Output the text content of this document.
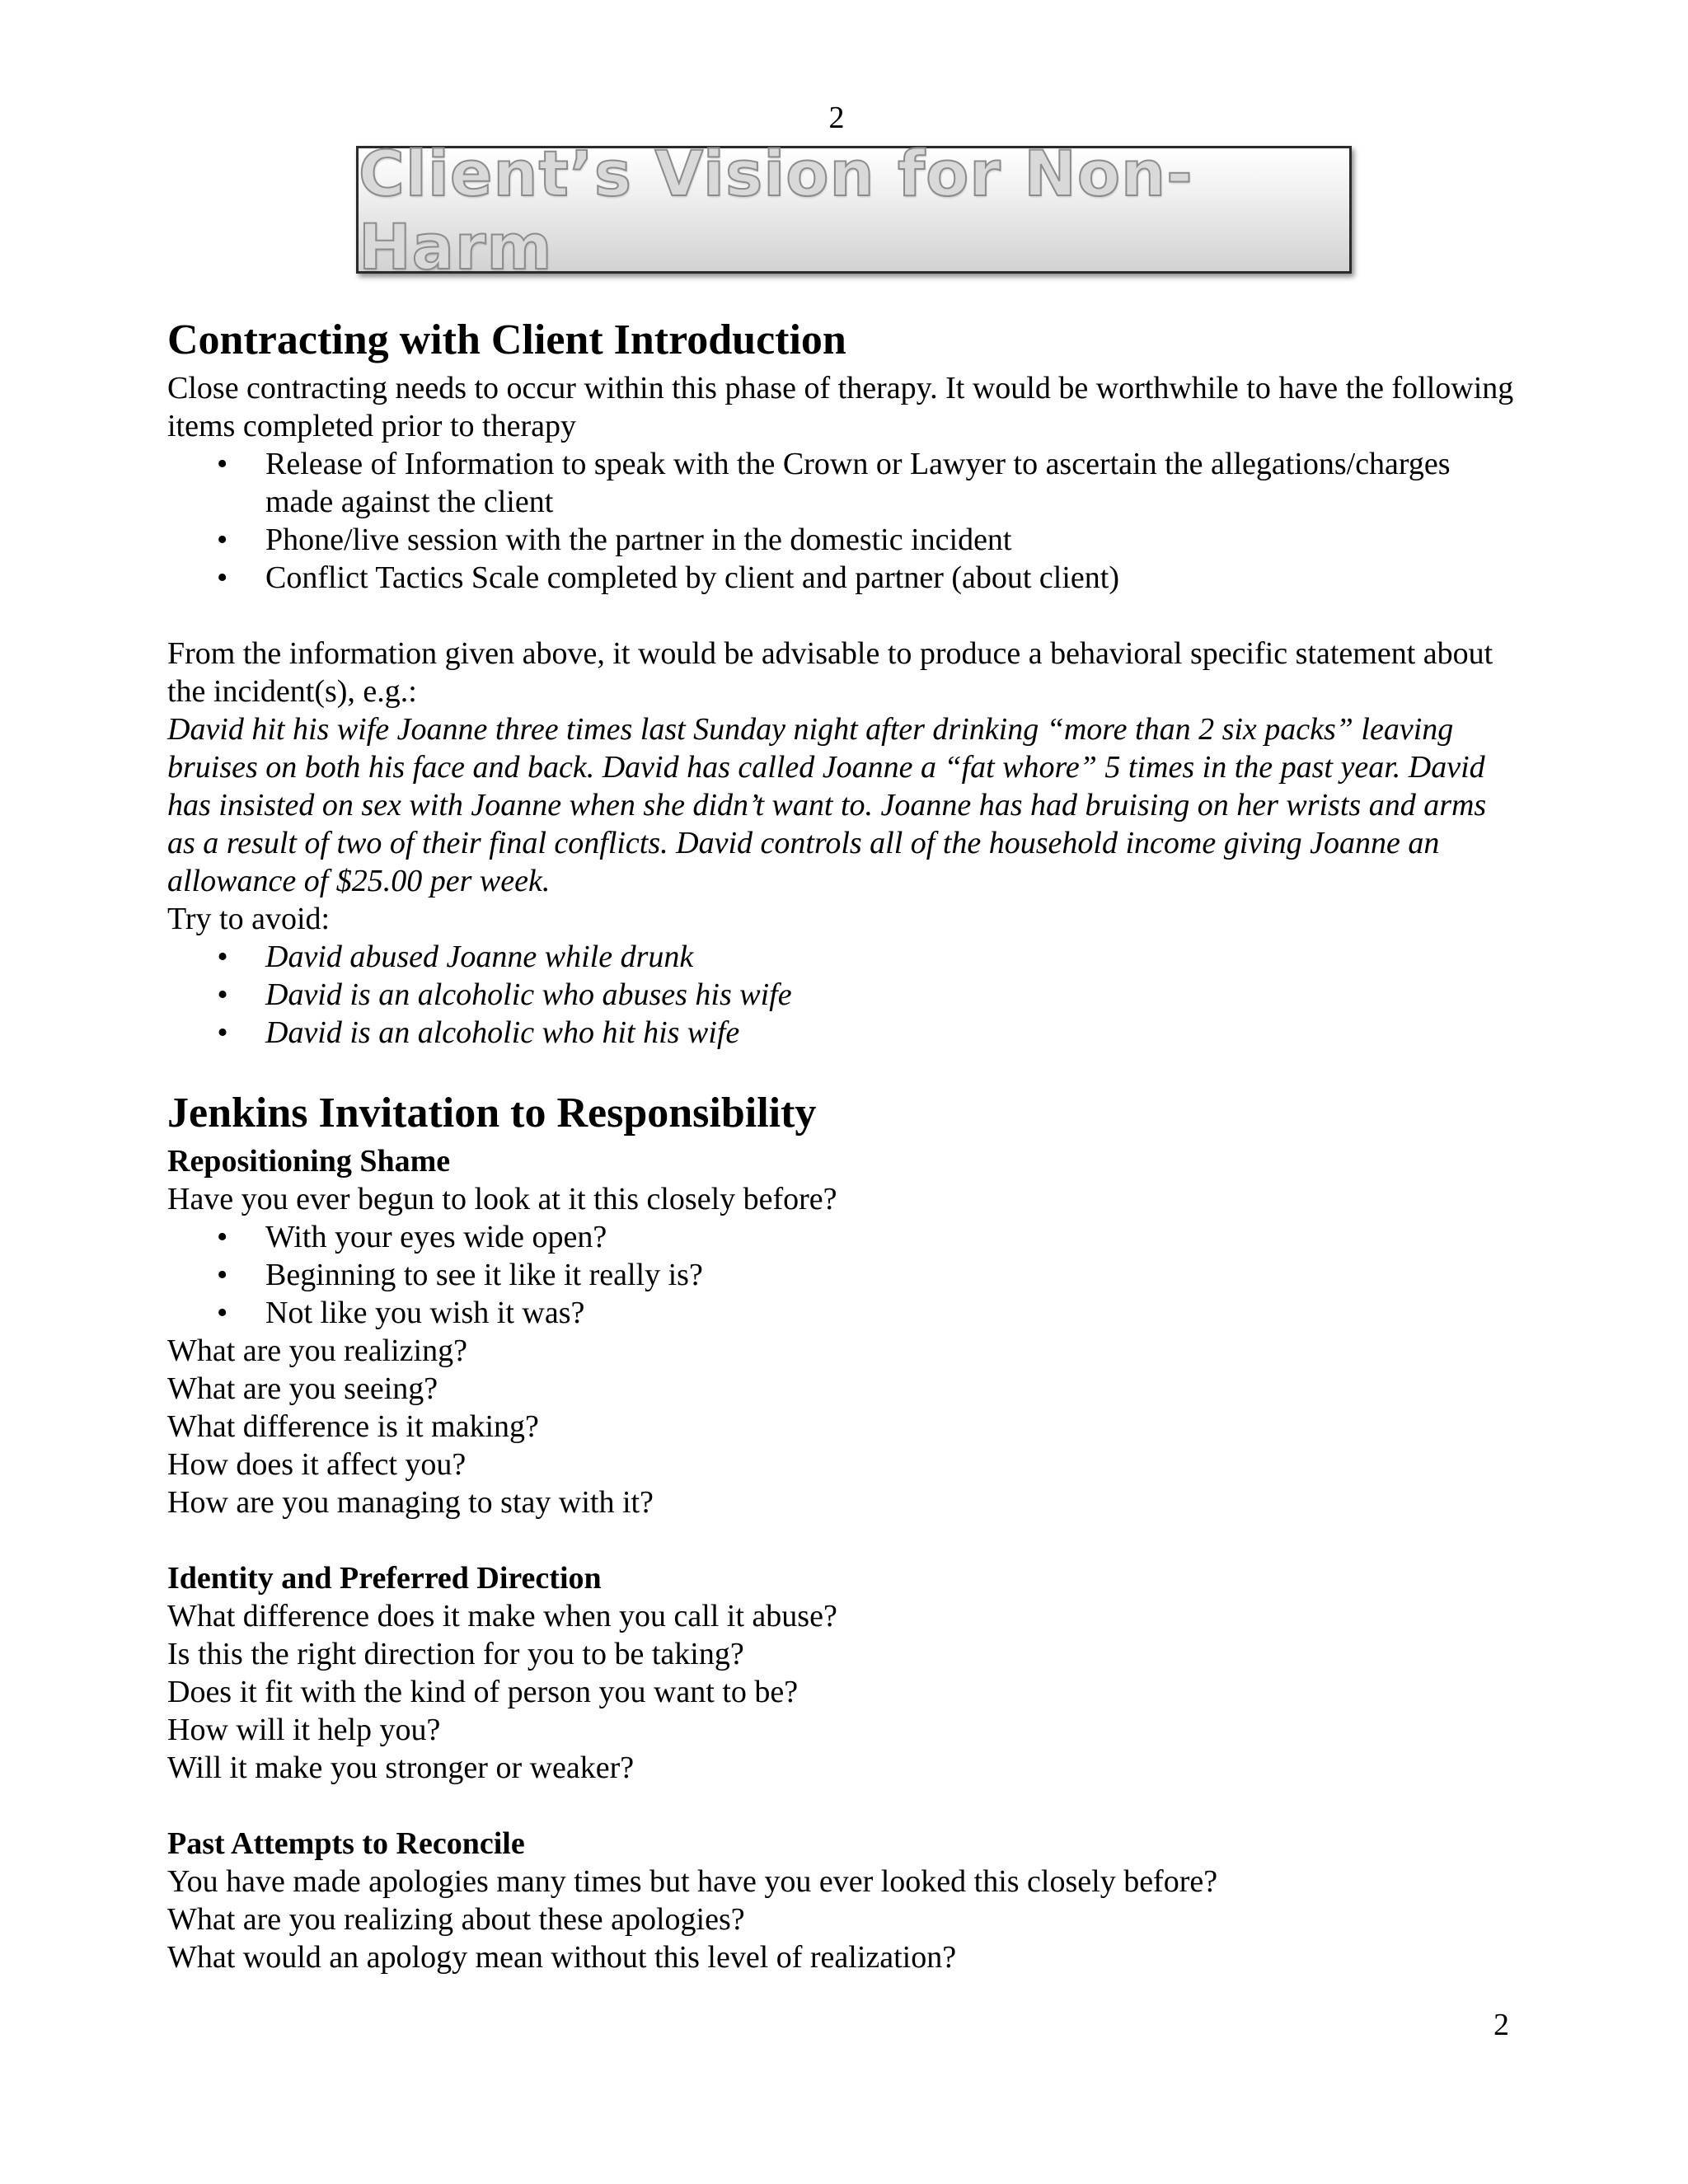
2
Client’s Vision for Non-Harm
Contracting with Client Introduction

Close contracting needs to occur within this phase of therapy. It would be worthwhile to have the following items completed prior to therapy

• Release of Information to speak with the Crown or Lawyer to ascertain the allegations/charges made against the client
• Phone/live session with the partner in the domestic incident
• Conflict Tactics Scale completed by client and partner (about client)

From the information given above, it would be advisable to produce a behavioral specific statement about the incident(s), e.g.:

David hit his wife Joanne three times last Sunday night after drinking “more than 2 six packs” leaving bruises on both his face and back. David has called Joanne a “fat whore” 5 times in the past year. David has insisted on sex with Joanne when she didn’t want to. Joanne has had bruising on her wrists and arms as a result of two of their final conflicts. David controls all of the household income giving Joanne an allowance of $25.00 per week.

Try to avoid:

• David abused Joanne while drunk
• David is an alcoholic who abuses his wife
• David is an alcoholic who hit his wife
Jenkins Invitation to Responsibility
Repositioning Shame

Have you ever begun to look at it this closely before?

• With your eyes wide open?
• Beginning to see it like it really is?
• Not like you wish it was?

What are you realizing?

What are you seeing?

What difference is it making?

How does it affect you?

How are you managing to stay with it?

Identity and Preferred Direction

What difference does it make when you call it abuse?

Is this the right direction for you to be taking?

Does it fit with the kind of person you want to be?

How will it help you?

Will it make you stronger or weaker?

Past Attempts to Reconcile

You have made apologies many times but have you ever looked this closely before?

What are you realizing about these apologies?

What would an apology mean without this level of realization?

2
